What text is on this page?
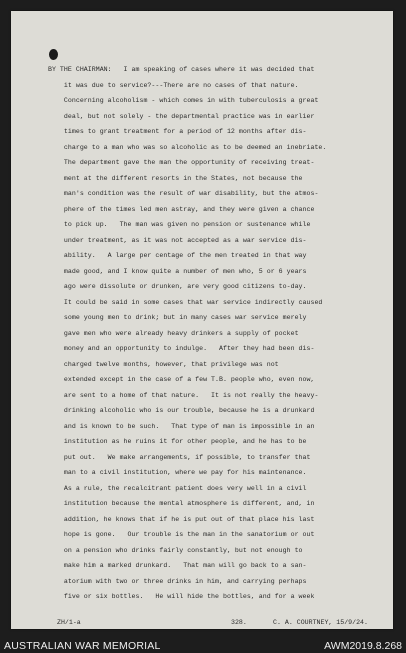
BY THE CHAIRMAN:   I am speaking of cases where it was decided that
it was due to service?---There are no cases of that nature.
Concerning alcoholism - which comes in with tuberculosis a great
deal, but not solely - the departmental practice was in earlier
times to grant treatment for a period of 12 months after dis-
charge to a man who was so alcoholic as to be deemed an inebriate.
The department gave the man the opportunity of receiving treat-
ment at the different resorts in the States, not because the
man's condition was the result of war disability, but the atmos-
phere of the times led men astray, and they were given a chance
to pick up.   The man was given no pension or sustenance while
under treatment, as it was not accepted as a war service dis-
ability.   A large per centage of the men treated in that way
made good, and I know quite a number of men who, 5 or 6 years
ago were dissolute or drunken, are very good citizens to-day.
It could be said in some cases that war service indirectly caused
some young men to drink; but in many cases war service merely
gave men who were already heavy drinkers a supply of pocket
money and an opportunity to indulge.   After they had been dis-
charged twelve months, however, that privilege was not
extended except in the case of a few T.B. people who, even now,
are sent to a home of that nature.   It is not really the heavy-
drinking alcoholic who is our trouble, because he is a drunkard
and is known to be such.   That type of man is impossible in an
institution as he ruins it for other people, and he has to be
put out.   We make arrangements, if possible, to transfer that
man to a civil institution, where we pay for his maintenance.
As a rule, the recalcitrant patient does very well in a civil
institution because the mental atmosphere is different, and, in
addition, he knows that if he is put out of that place his last
hope is gone.   Our trouble is the man in the sanatorium or out
on a pension who drinks fairly constantly, but not enough to
make him a marked drunkard.   That man will go back to a san-
atorium with two or three drinks in him, and carrying perhaps
five or six bottles.   He will hide the bottles, and for a week
ZH/1-a	328.	C. A. COURTNEY, 15/9/24.
AUSTRALIAN WAR MEMORIAL	AWM2019.8.268
